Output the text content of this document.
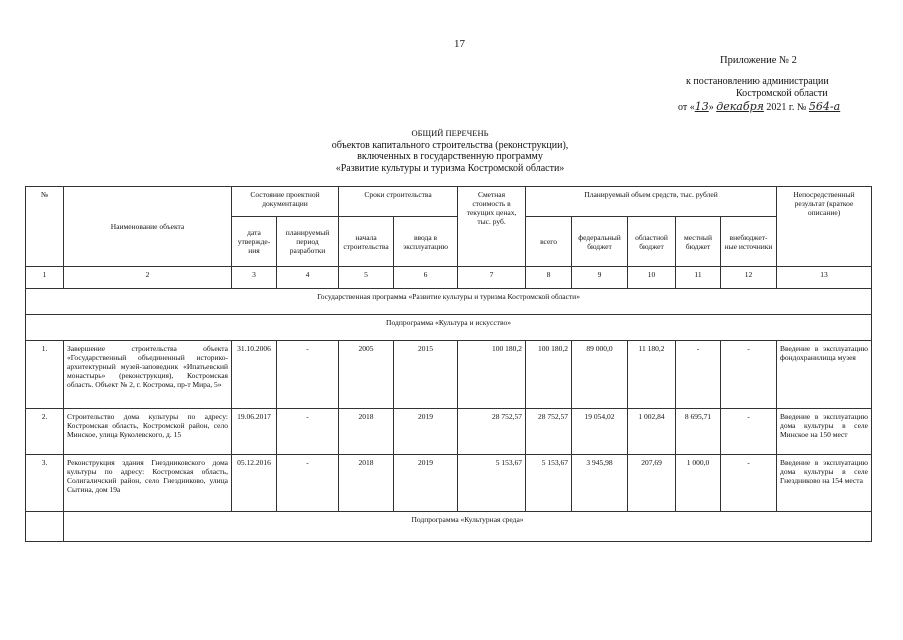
17
Приложение № 2
к постановлению администрации
Костромской области
от «13» декабря 2021 г. № 564-а
ОБЩИЙ ПЕРЕЧЕНЬ
объектов капитального строительства (реконструкции),
включенных в государственную программу
«Развитие культуры и туризма Костромской области»
№	Наименование объекта	Состояние проектной документации		Сроки строительства		Сметная стоимость в текущих ценах, тыс. руб.	Планируемый объем средств, тыс. рублей					Непосредственный результат (краткое описание)
		дата утвержде-ния	планируемый период разработки	начала строительства	ввода в эксплуатацию		всего	федеральный бюджет	областной бюджет	местный бюджет	внебюджет-ные источники	
1	2	3	4	5	6	7	8	9	10	11	12	13
Государственная программа «Развитие культуры и туризма Костромской области»												
Подпрограмма «Культура и искусство»												
1.	Завершение строительства объекта «Государственный объединенный историко-архитектурный музей-заповедник «Ипатьевский монастырь» (реконструкция), Костромская область. Объект № 2, г. Кострома, пр-т Мира, 5»	31.10.2006	-	2005	2015	100 180,2	100 180,2	89 000,0	11 180,2	-	-	Введение в эксплуатацию фондохранилища музея
2.	Строительство дома культуры по адресу: Костромская область, Костромской район, село Минское, улица Куколевского, д. 15	19.06.2017	-	2018	2019	28 752,57	28 752,57	19 054,02	1 002,84	8 695,71	-	Введение в эксплуатацию дома культуры в селе Минское на 150 мест
3.	Реконструкция здания Гнездниковского дома культуры по адресу: Костромская область, Солигаличский район, село Гнездниково, улица Сытина, дом 19а	05.12.2016	-	2018	2019	5 153,67	5 153,67	3 945,98	207,69	1 000,0	-	Введение в эксплуатацию дома культуры в селе Гнездниково на 154 места
	Подпрограмма «Культурная среда»											
